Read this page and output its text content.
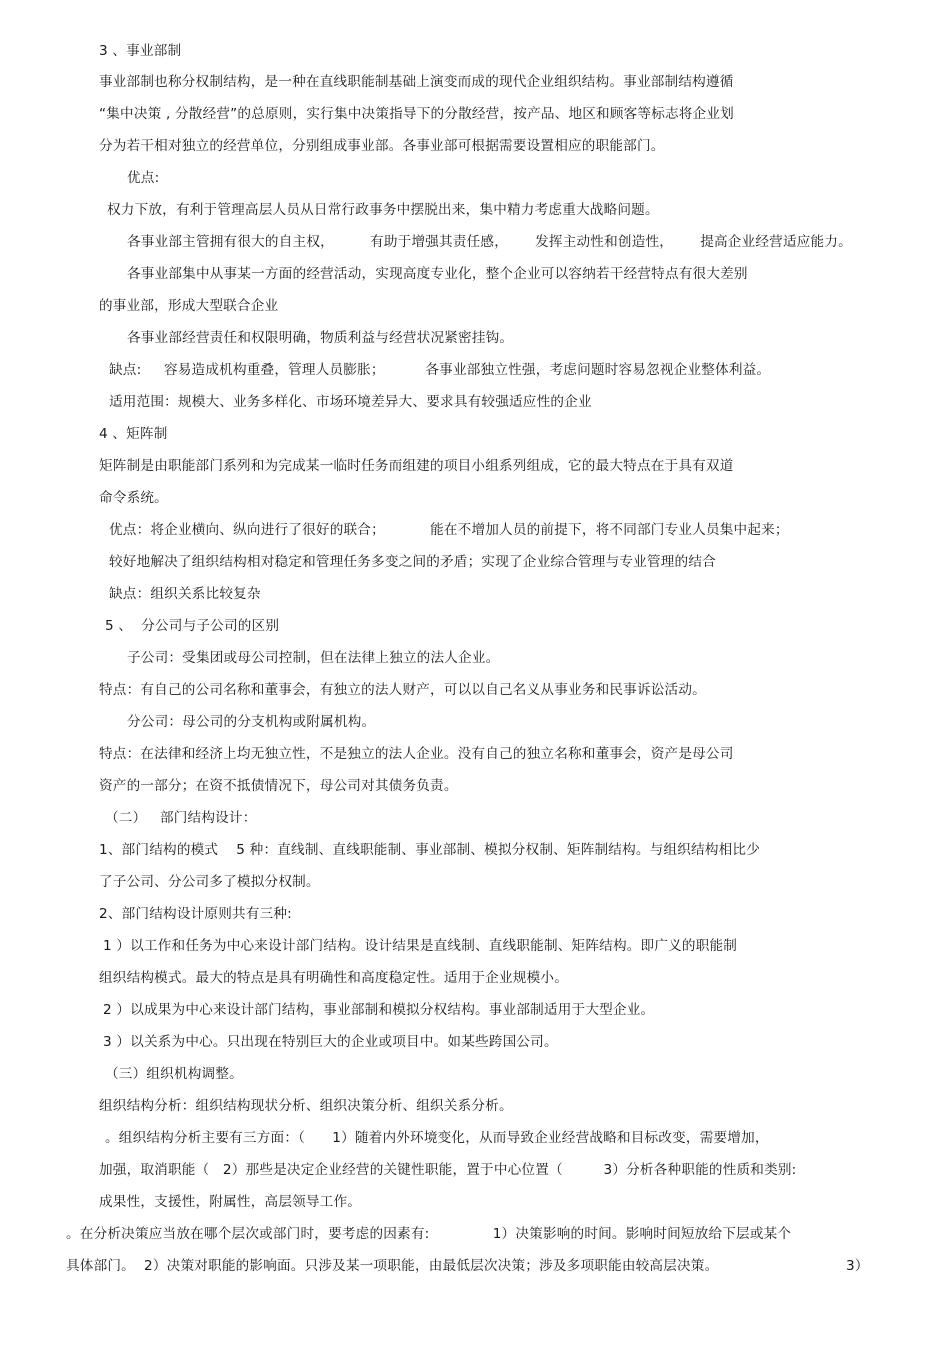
3 、事业部制
事业部制也称分权制结构，是一种在直线职能制基础上演变而成的现代企业组织结构。事业部制结构遵循
“集中决策 , 分散经营”的总原则，实行集中决策指导下的分散经营，按产品、地区和顾客等标志将企业划
分为若干相对独立的经营单位，分别组成事业部。各事业部可根据需要设置相应的职能部门。
优点:
权力下放，有利于管理高层人员从日常行政事务中摆脱出来，集中精力考虑重大战略问题。
各事业部主管拥有很大的自主权，        有助于增强其责任感，      发挥主动性和创造性，      提高企业经营适应能力。
各事业部集中从事某一方面的经营活动，实现高度专业化，整个企业可以容纳若干经营特点有很大差别
的事业部，形成大型联合企业
各事业部经营责任和权限明确，物质利益与经营状况紧密挂钩。
缺点:     容易造成机构重叠，管理人员膨胀；         各事业部独立性强，考虑问题时容易忽视企业整体利益。
适用范围：规模大、业务多样化、市场环境差异大、要求具有较强适应性的企业
4 、矩阵制
矩阵制是由职能部门系列和为完成某一临时任务而组建的项目小组系列组成，它的最大特点在于具有双道
命令系统。
优点：将企业横向、纵向进行了很好的联合；          能在不增加人员的前提下，将不同部门专业人员集中起来；
较好地解决了组织结构相对稳定和管理任务多变之间的矛盾；实现了企业综合管理与专业管理的结合
缺点：组织关系比较复杂
5 、  分公司与子公司的区别
子公司：受集团或母公司控制，但在法律上独立的法人企业。
特点：有自己的公司名称和董事会，有独立的法人财产，可以以自己名义从事业务和民事诉讼活动。
分公司：母公司的分支机构或附属机构。
特点：在法律和经济上均无独立性，不是独立的法人企业。没有自己的独立名称和董事会，资产是母公司
资产的一部分；在资不抵债情况下，母公司对其债务负责。
（二）   部门结构设计：
1、部门结构的模式    5 种：直线制、直线职能制、事业部制、模拟分权制、矩阵制结构。与组织结构相比少
了子公司、分公司多了模拟分权制。
2、部门结构设计原则共有三种:
1 ）以工作和任务为中心来设计部门结构。设计结果是直线制、直线职能制、矩阵结构。即广义的职能制
组织结构模式。最大的特点是具有明确性和高度稳定性。适用于企业规模小。
2 ）以成果为中心来设计部门结构，事业部制和模拟分权结构。事业部制适用于大型企业。
3 ）以关系为中心。只出现在特别巨大的企业或项目中。如某些跨国公司。
（三）组织机构调整。
组织结构分析：组织结构现状分析、组织决策分析、组织关系分析。
。组织结构分析主要有三方面：（      1）随着内外环境变化，从而导致企业经营战略和目标改变，需要增加，
加强，取消职能（   2）那些是决定企业经营的关键性职能，置于中心位置（         3）分析各种职能的性质和类别:
成果性，支援性，附属性，高层领导工作。
。在分析决策应当放在哪个层次或部门时，要考虑的因素有:              1）决策影响的时间。影响时间短放给下层或某个
具体部门。  2）决策对职能的影响面。只涉及某一项职能，由最低层次决策；涉及多项职能由较高层决策。	3）
